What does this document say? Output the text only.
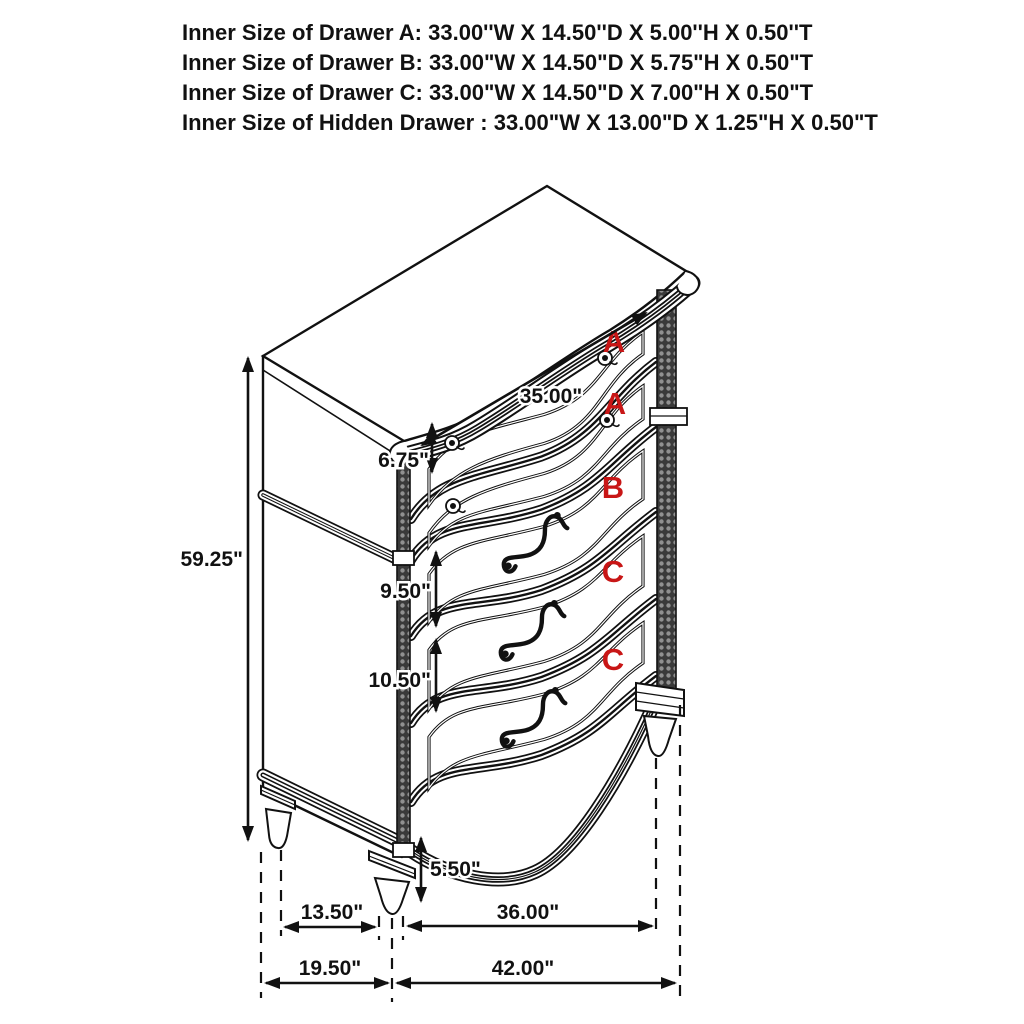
Inner Size of Drawer A: 33.00''W X 14.50''D X 5.00''H X 0.50''T
Inner Size of Drawer B: 33.00"W X 14.50"D X 5.75"H X 0.50"T
Inner Size of Drawer C: 33.00"W X 14.50"D X 7.00"H X 0.50"T
Inner Size of Hidden Drawer : 33.00"W X 13.00"D X 1.25"H X 0.50"T
A
A
B
C
C
59.25"
35.00"
6.75"
9.50"
10.50"
5.50"
13.50"	36.00"
19.50"	42.00"
